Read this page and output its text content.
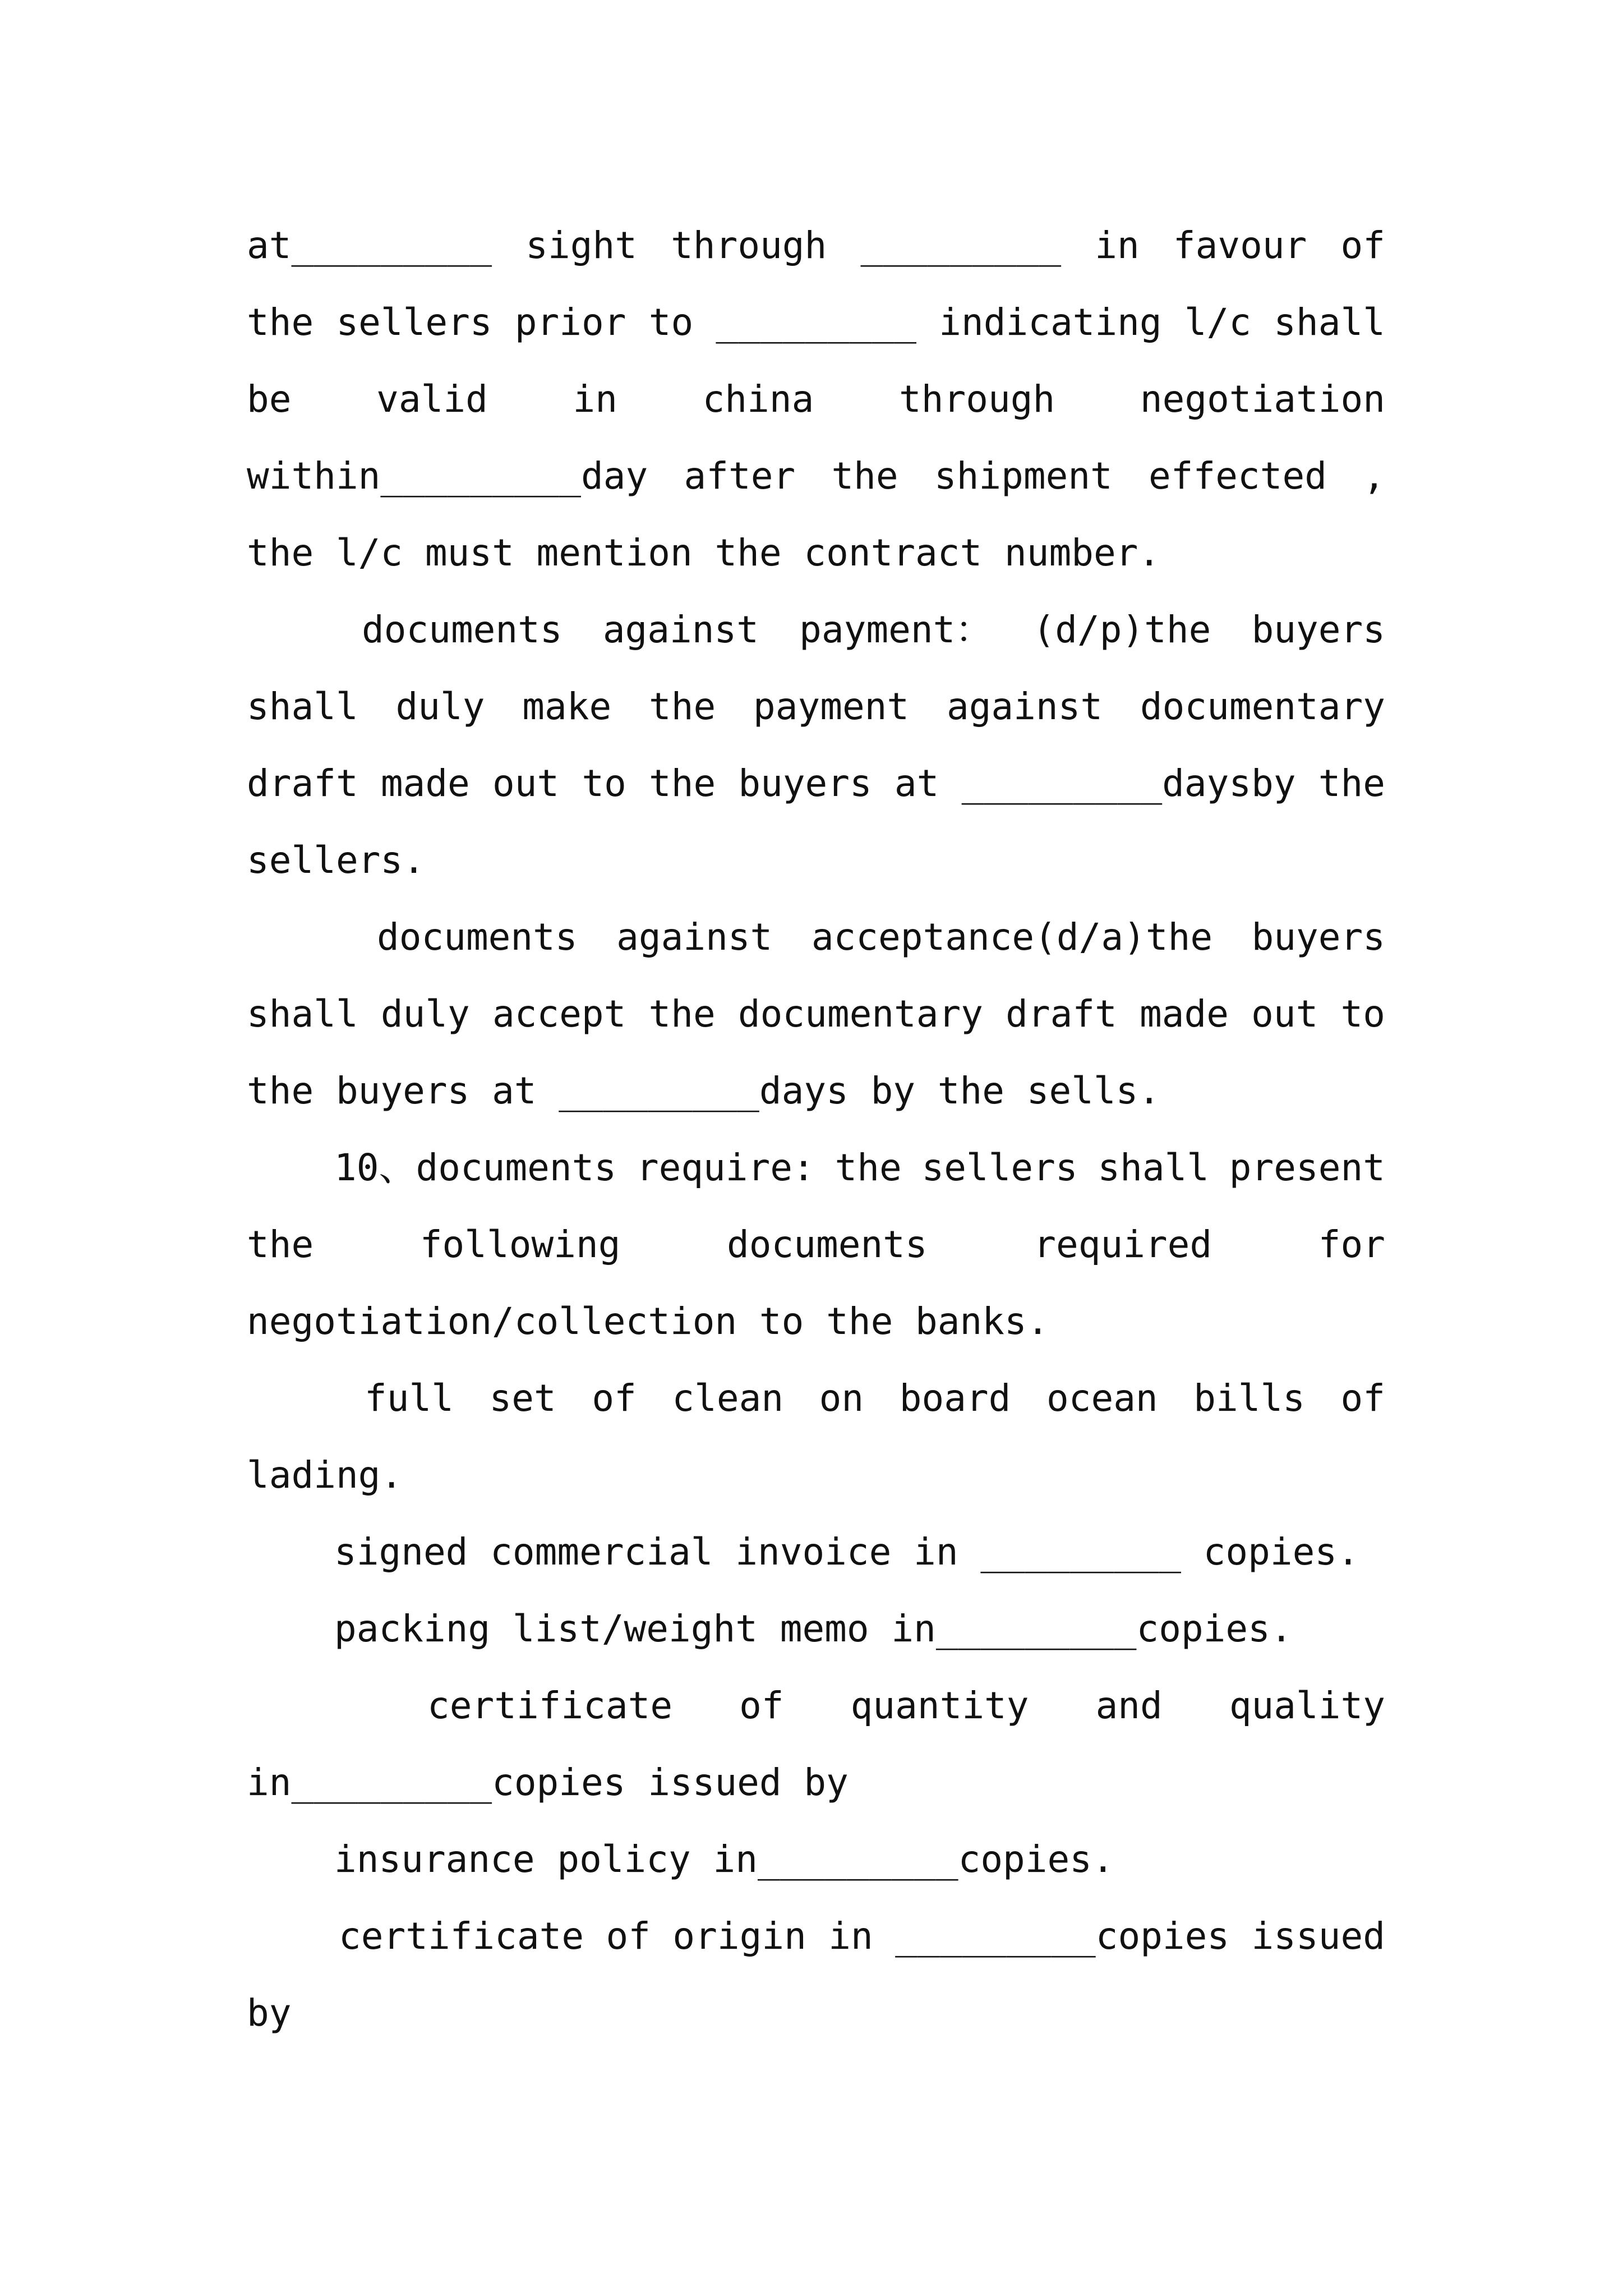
at_________ sight through _________ in favour of
the sellers prior to _________ indicating l/c shall
be valid in china through negotiation
within_________day after the shipment effected ,
the l/c must mention the contract number.
documents against payment： (d/p)the buyers
shall duly make the payment against documentary
draft made out to the buyers at _________daysby the
sellers.
documents against acceptance(d/a)the buyers
shall duly accept the documentary draft made out to
the buyers at _________days by the sells.
10、documents require: the sellers shall present
the	following	documents	required	for
negotiation/collection to the banks.
full set of clean on board ocean bills of
lading.
signed commercial invoice in _________ copies.
packing list/weight memo in_________copies.
certificate of quantity and quality
in_________copies issued by
insurance policy in_________copies.
certificate of origin in _________copies issued
by
